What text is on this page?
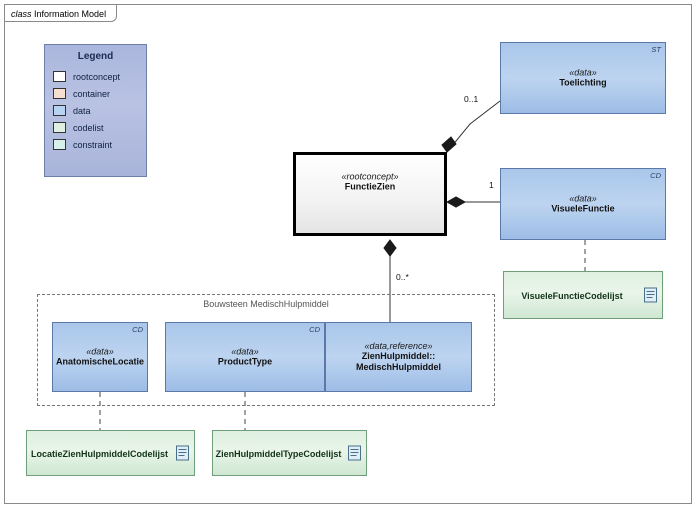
class Information Model
Legend
rootconcept
container
data
codelist
constraint
ST
«data»
Toelichting
«rootconcept»
FunctieZien
CD
«data»
VisueleFunctie
VisueleFunctieCodelijst
Bouwsteen MedischHulpmiddel
CD
«data»
AnatomischeLocatie
CD
«data»
ProductType
«data,reference»
ZienHulpmiddel::
MedischHulpmiddel
LocatieZienHulpmiddelCodelijst	ZienHulpmiddelTypeCodelijst
0..1
1
0..*
